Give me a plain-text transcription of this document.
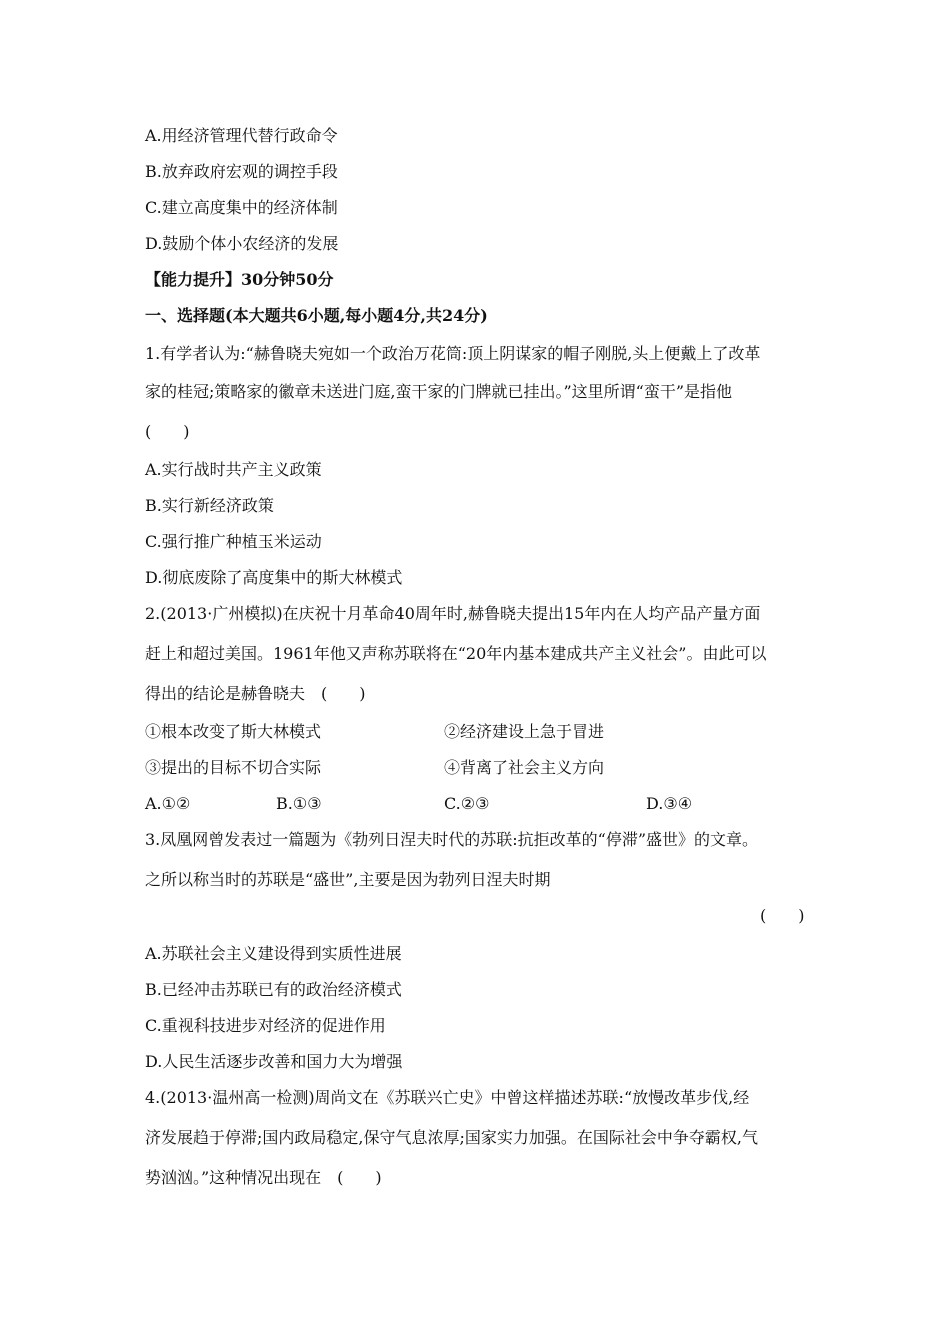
A.用经济管理代替行政命令

B.放弃政府宏观的调控手段

C.建立高度集中的经济体制

D.鼓励个体小农经济的发展

【能力提升】30分钟50分

一、选择题(本大题共6小题,每小题4分,共24分)

1.有学者认为:“赫鲁晓夫宛如一个政治万花筒:顶上阴谋家的帽子刚脱,头上便戴上了改革

家的桂冠;策略家的徽章未送进门庭,蛮干家的门牌就已挂出。”这里所谓“蛮干”是指他

(　　)

A.实行战时共产主义政策

B.实行新经济政策

C.强行推广种植玉米运动

D.彻底废除了高度集中的斯大林模式

2.(2013·广州模拟)在庆祝十月革命40周年时,赫鲁晓夫提出15年内在人均产品产量方面

赶上和超过美国。1961年他又声称苏联将在“20年内基本建成共产主义社会”。由此可以

得出的结论是赫鲁晓夫　(　　)

①根本改变了斯大林模式	②经济建设上急于冒进
③提出的目标不切合实际	④背离了社会主义方向
A.①②	B.①③	C.②③	D.③④

3.凤凰网曾发表过一篇题为《勃列日涅夫时代的苏联:抗拒改革的“停滞”盛世》的文章。

之所以称当时的苏联是“盛世”,主要是因为勃列日涅夫时期

(　　)

A.苏联社会主义建设得到实质性进展

B.已经冲击苏联已有的政治经济模式

C.重视科技进步对经济的促进作用

D.人民生活逐步改善和国力大为增强

4.(2013·温州高一检测)周尚文在《苏联兴亡史》中曾这样描述苏联:“放慢改革步伐,经

济发展趋于停滞;国内政局稳定,保守气息浓厚;国家实力加强。在国际社会中争夺霸权,气

势汹汹。”这种情况出现在　(　　)
